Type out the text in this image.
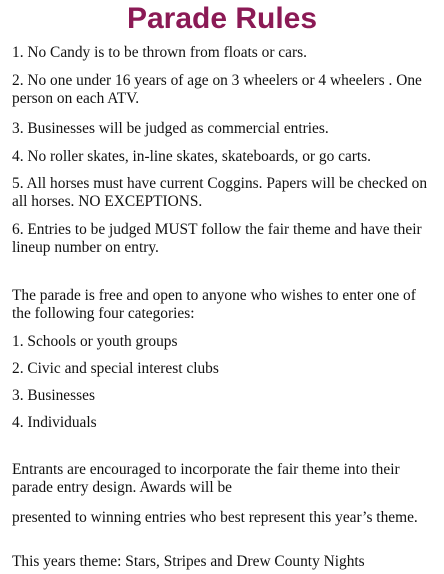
Parade Rules

1. No Candy is to be thrown from floats or cars.

2. No one under 16 years of age on 3 wheelers or 4 wheelers . One person on each ATV.

3. Businesses will be judged as commercial entries.

4. No roller skates, in-line skates, skateboards, or go carts.

5. All horses must have current Coggins. Papers will be checked on all horses. NO EXCEPTIONS.

6. Entries to be judged MUST follow the fair theme and have their lineup number on entry.

The parade is free and open to anyone who wishes to enter one of the following four categories:

1. Schools or youth groups

2. Civic and special interest clubs

3. Businesses

4. Individuals

Entrants are encouraged to incorporate the fair theme into their parade entry design. Awards will be

presented to winning entries who best represent this year’s theme.

This years theme: Stars, Stripes and Drew County Nights
